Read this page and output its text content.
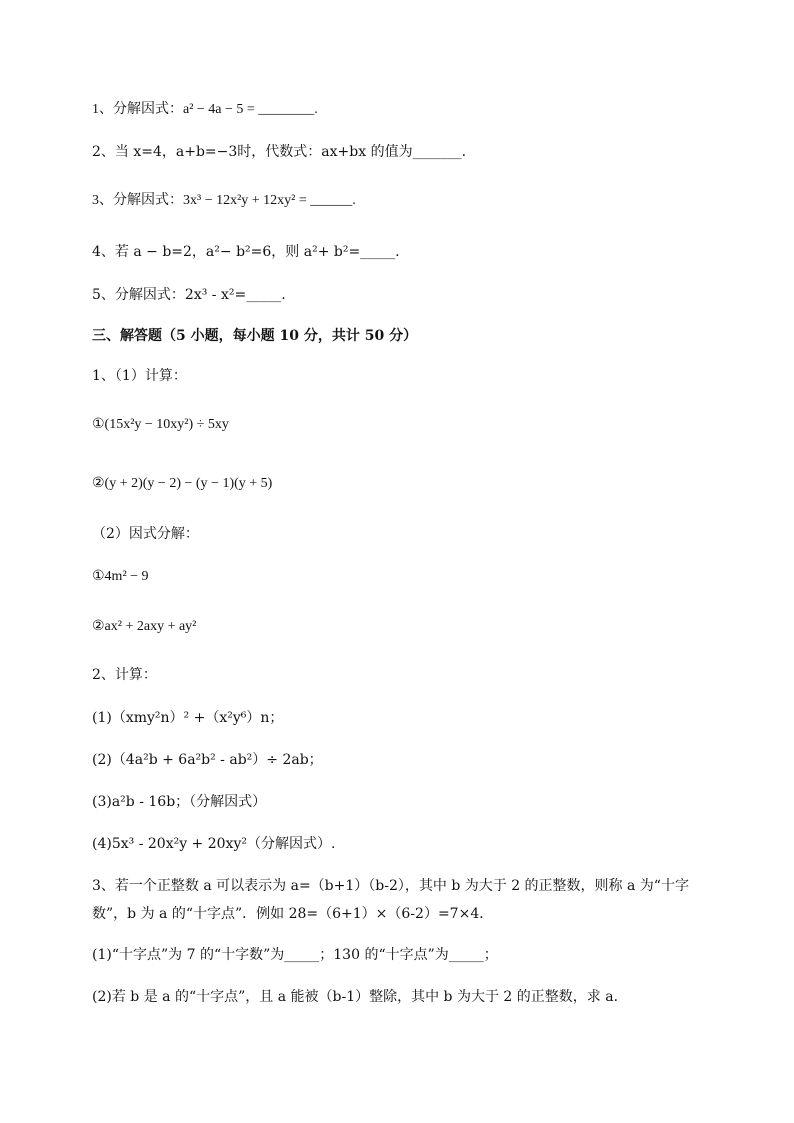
1、分解因式：a² − 4a − 5 = ________.
2、当 x=4，a+b=−3时，代数式：ax+bx 的值为_______.
3、分解因式：3x³ − 12x²y + 12xy² = ______.
4、若 a − b=2，a²− b²=6，则 a²+ b²=_____.
5、分解因式：2x³ - x²=_____.
三、解答题（5 小题，每小题 10 分，共计 50 分）
1、（1）计算：
①(15x²y − 10xy²) ÷ 5xy
②(y + 2)(y − 2) − (y − 1)(y + 5)
（2）因式分解：
①4m² − 9
②ax² + 2axy + ay²
2、计算：
(1)（xmy²n）² +（x²y⁶）n；
(2)（4a²b + 6a²b² - ab²）÷ 2ab；
(3)a²b - 16b；（分解因式）
(4)5x³ - 20x²y + 20xy²（分解因式）.
3、若一个正整数 a 可以表示为 a=（b+1）（b-2），其中 b 为大于 2 的正整数，则称 a 为“十字数”，b 为 a 的“十字点”．例如 28=（6+1）×（6-2）=7×4．
(1)“十字点”为 7 的“十字数”为_____；130 的“十字点”为_____；
(2)若 b 是 a 的“十字点”，且 a 能被（b-1）整除，其中 b 为大于 2 的正整数，求 a．
